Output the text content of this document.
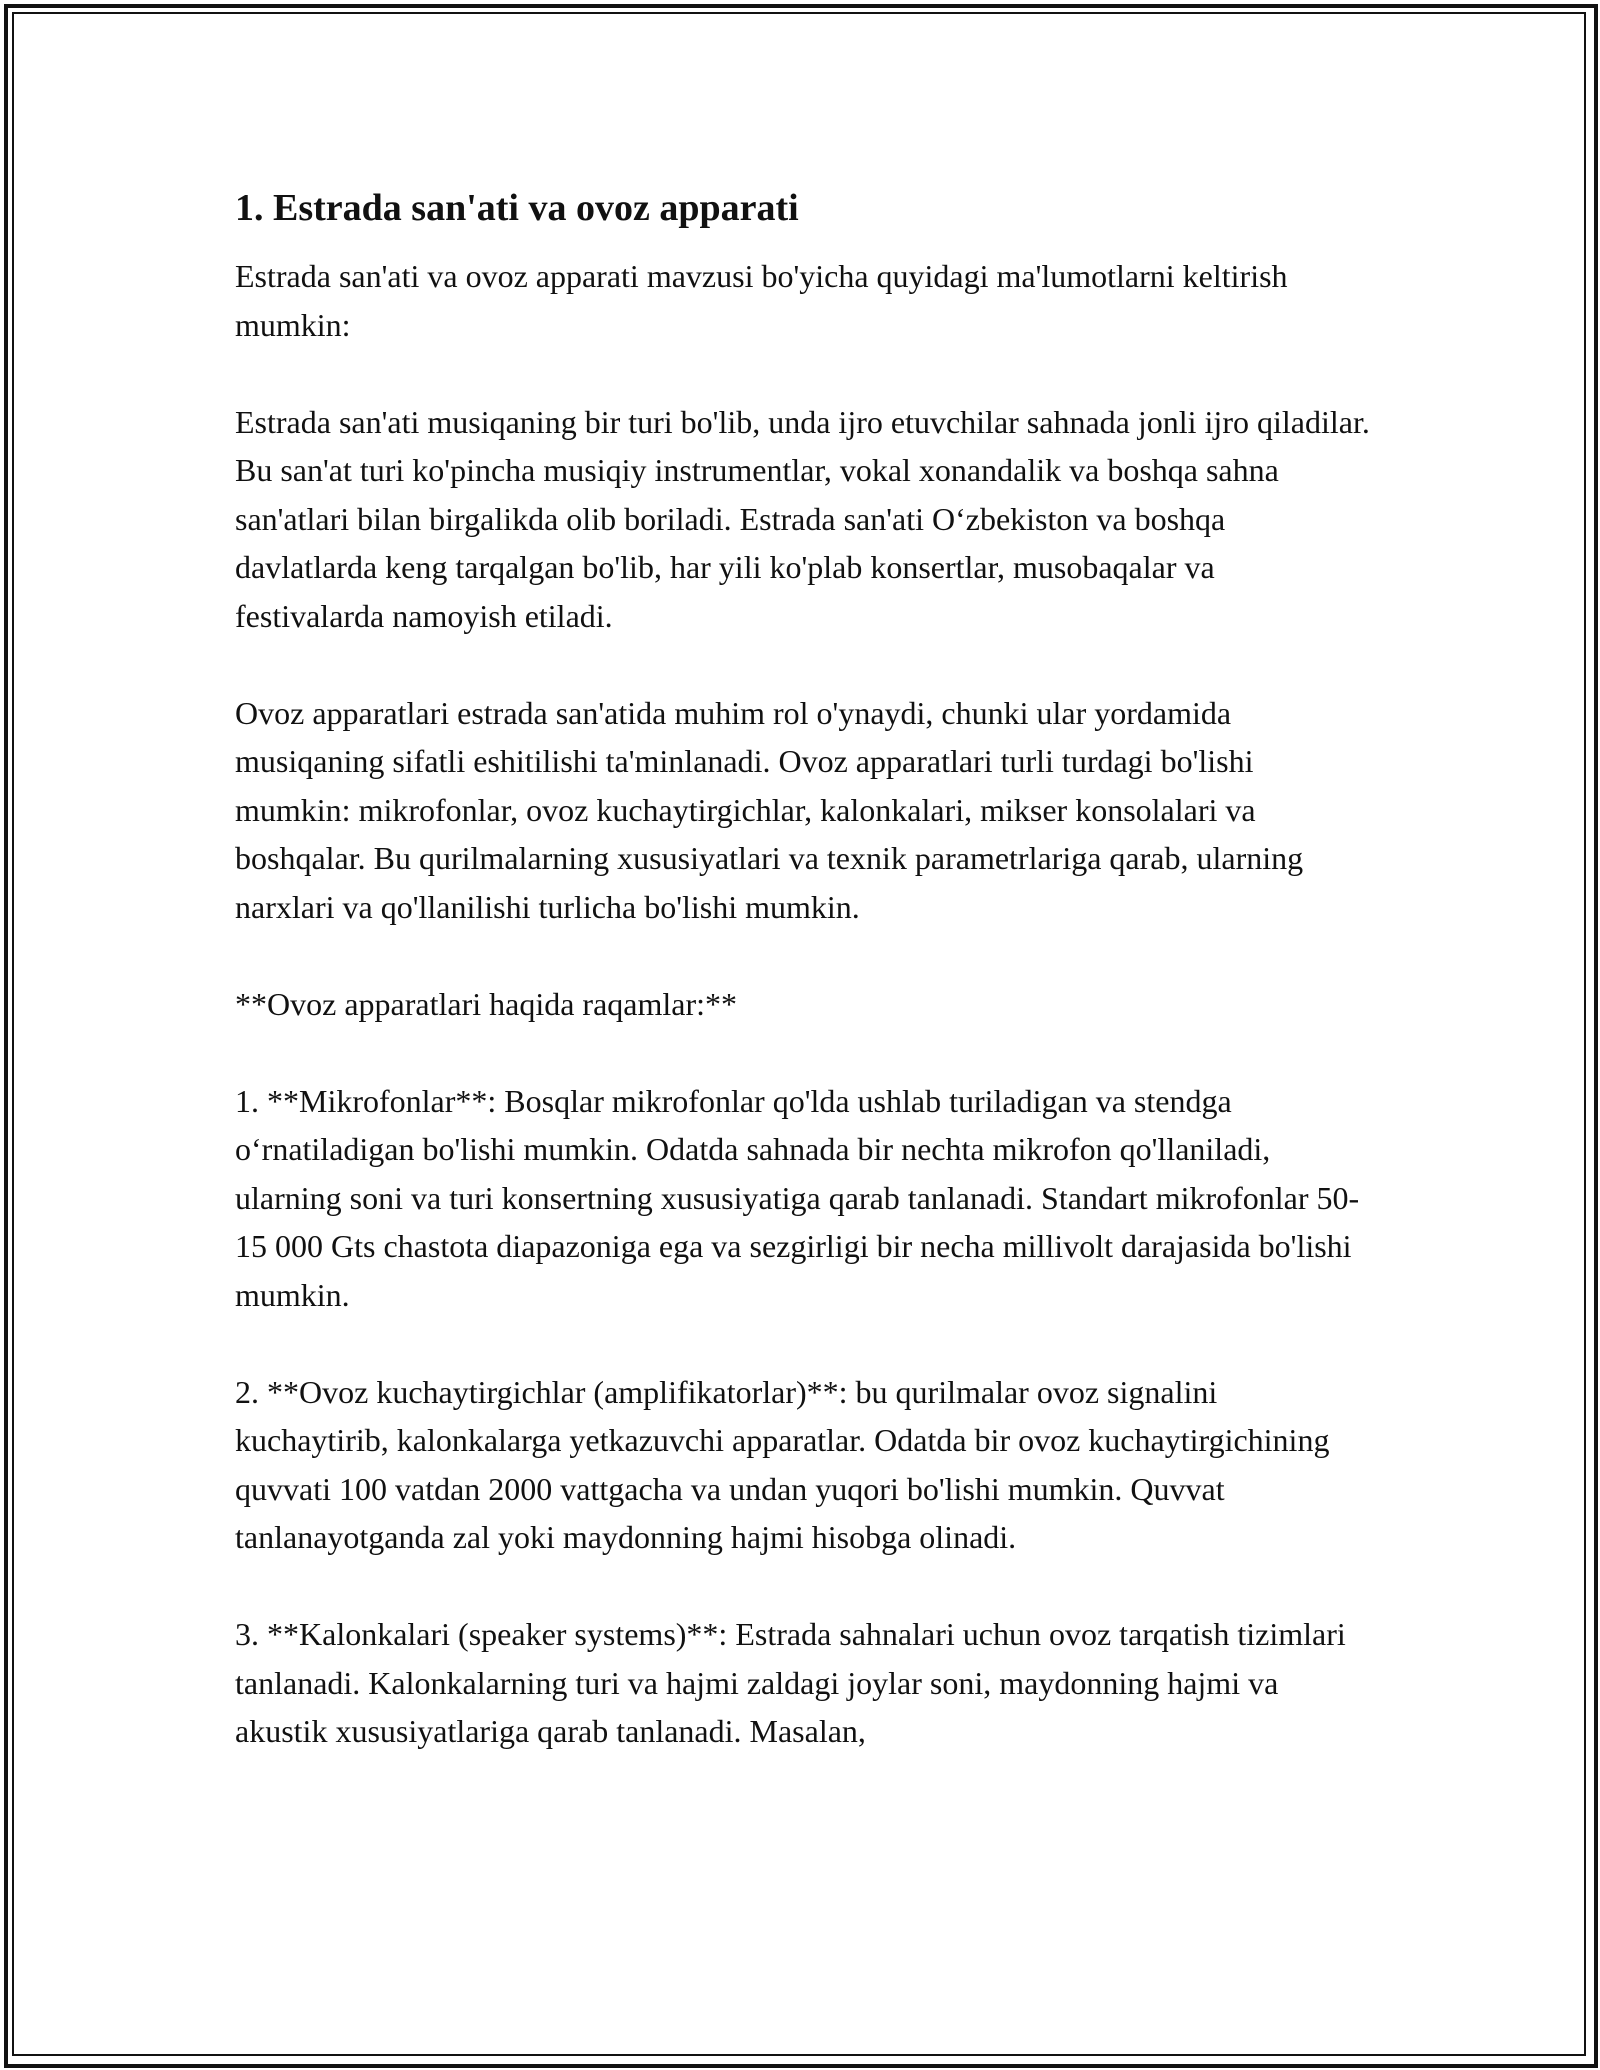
1. Estrada san'ati va ovoz apparati

Estrada san'ati va ovoz apparati mavzusi bo'yicha quyidagi ma'lumotlarni keltirish mumkin:

Estrada san'ati musiqaning bir turi bo'lib, unda ijro etuvchilar sahnada jonli ijro qiladilar. Bu san'at turi ko'pincha musiqiy instrumentlar, vokal xonandalik va boshqa sahna san'atlari bilan birgalikda olib boriladi. Estrada san'ati O‘zbekiston va boshqa davlatlarda keng tarqalgan bo'lib, har yili ko'plab konsertlar, musobaqalar va festivalarda namoyish etiladi.

Ovoz apparatlari estrada san'atida muhim rol o'ynaydi, chunki ular yordamida musiqaning sifatli eshitilishi ta'minlanadi. Ovoz apparatlari turli turdagi bo'lishi mumkin: mikrofonlar, ovoz kuchaytirgichlar, kalonkalari, mikser konsolalari va boshqalar. Bu qurilmalarning xususiyatlari va texnik parametrlariga qarab, ularning narxlari va qo'llanilishi turlicha bo'lishi mumkin.

**Ovoz apparatlari haqida raqamlar:**

1. **Mikrofonlar**: Bosqlar mikrofonlar qo'lda ushlab turiladigan va stendga o‘rnatiladigan bo'lishi mumkin. Odatda sahnada bir nechta mikrofon qo'llaniladi, ularning soni va turi konsertning xususiyatiga qarab tanlanadi. Standart mikrofonlar 50-15 000 Gts chastota diapazoniga ega va sezgirligi bir necha millivolt darajasida bo'lishi mumkin.

2. **Ovoz kuchaytirgichlar (amplifikatorlar)**: bu qurilmalar ovoz signalini kuchaytirib, kalonkalarga yetkazuvchi apparatlar. Odatda bir ovoz kuchaytirgichining quvvati 100 vatdan 2000 vattgacha va undan yuqori bo'lishi mumkin. Quvvat tanlanayotganda zal yoki maydonning hajmi hisobga olinadi.

3. **Kalonkalari (speaker systems)**: Estrada sahnalari uchun ovoz tarqatish tizimlari tanlanadi. Kalonkalarning turi va hajmi zaldagi joylar soni, maydonning hajmi va akustik xususiyatlariga qarab tanlanadi. Masalan,
